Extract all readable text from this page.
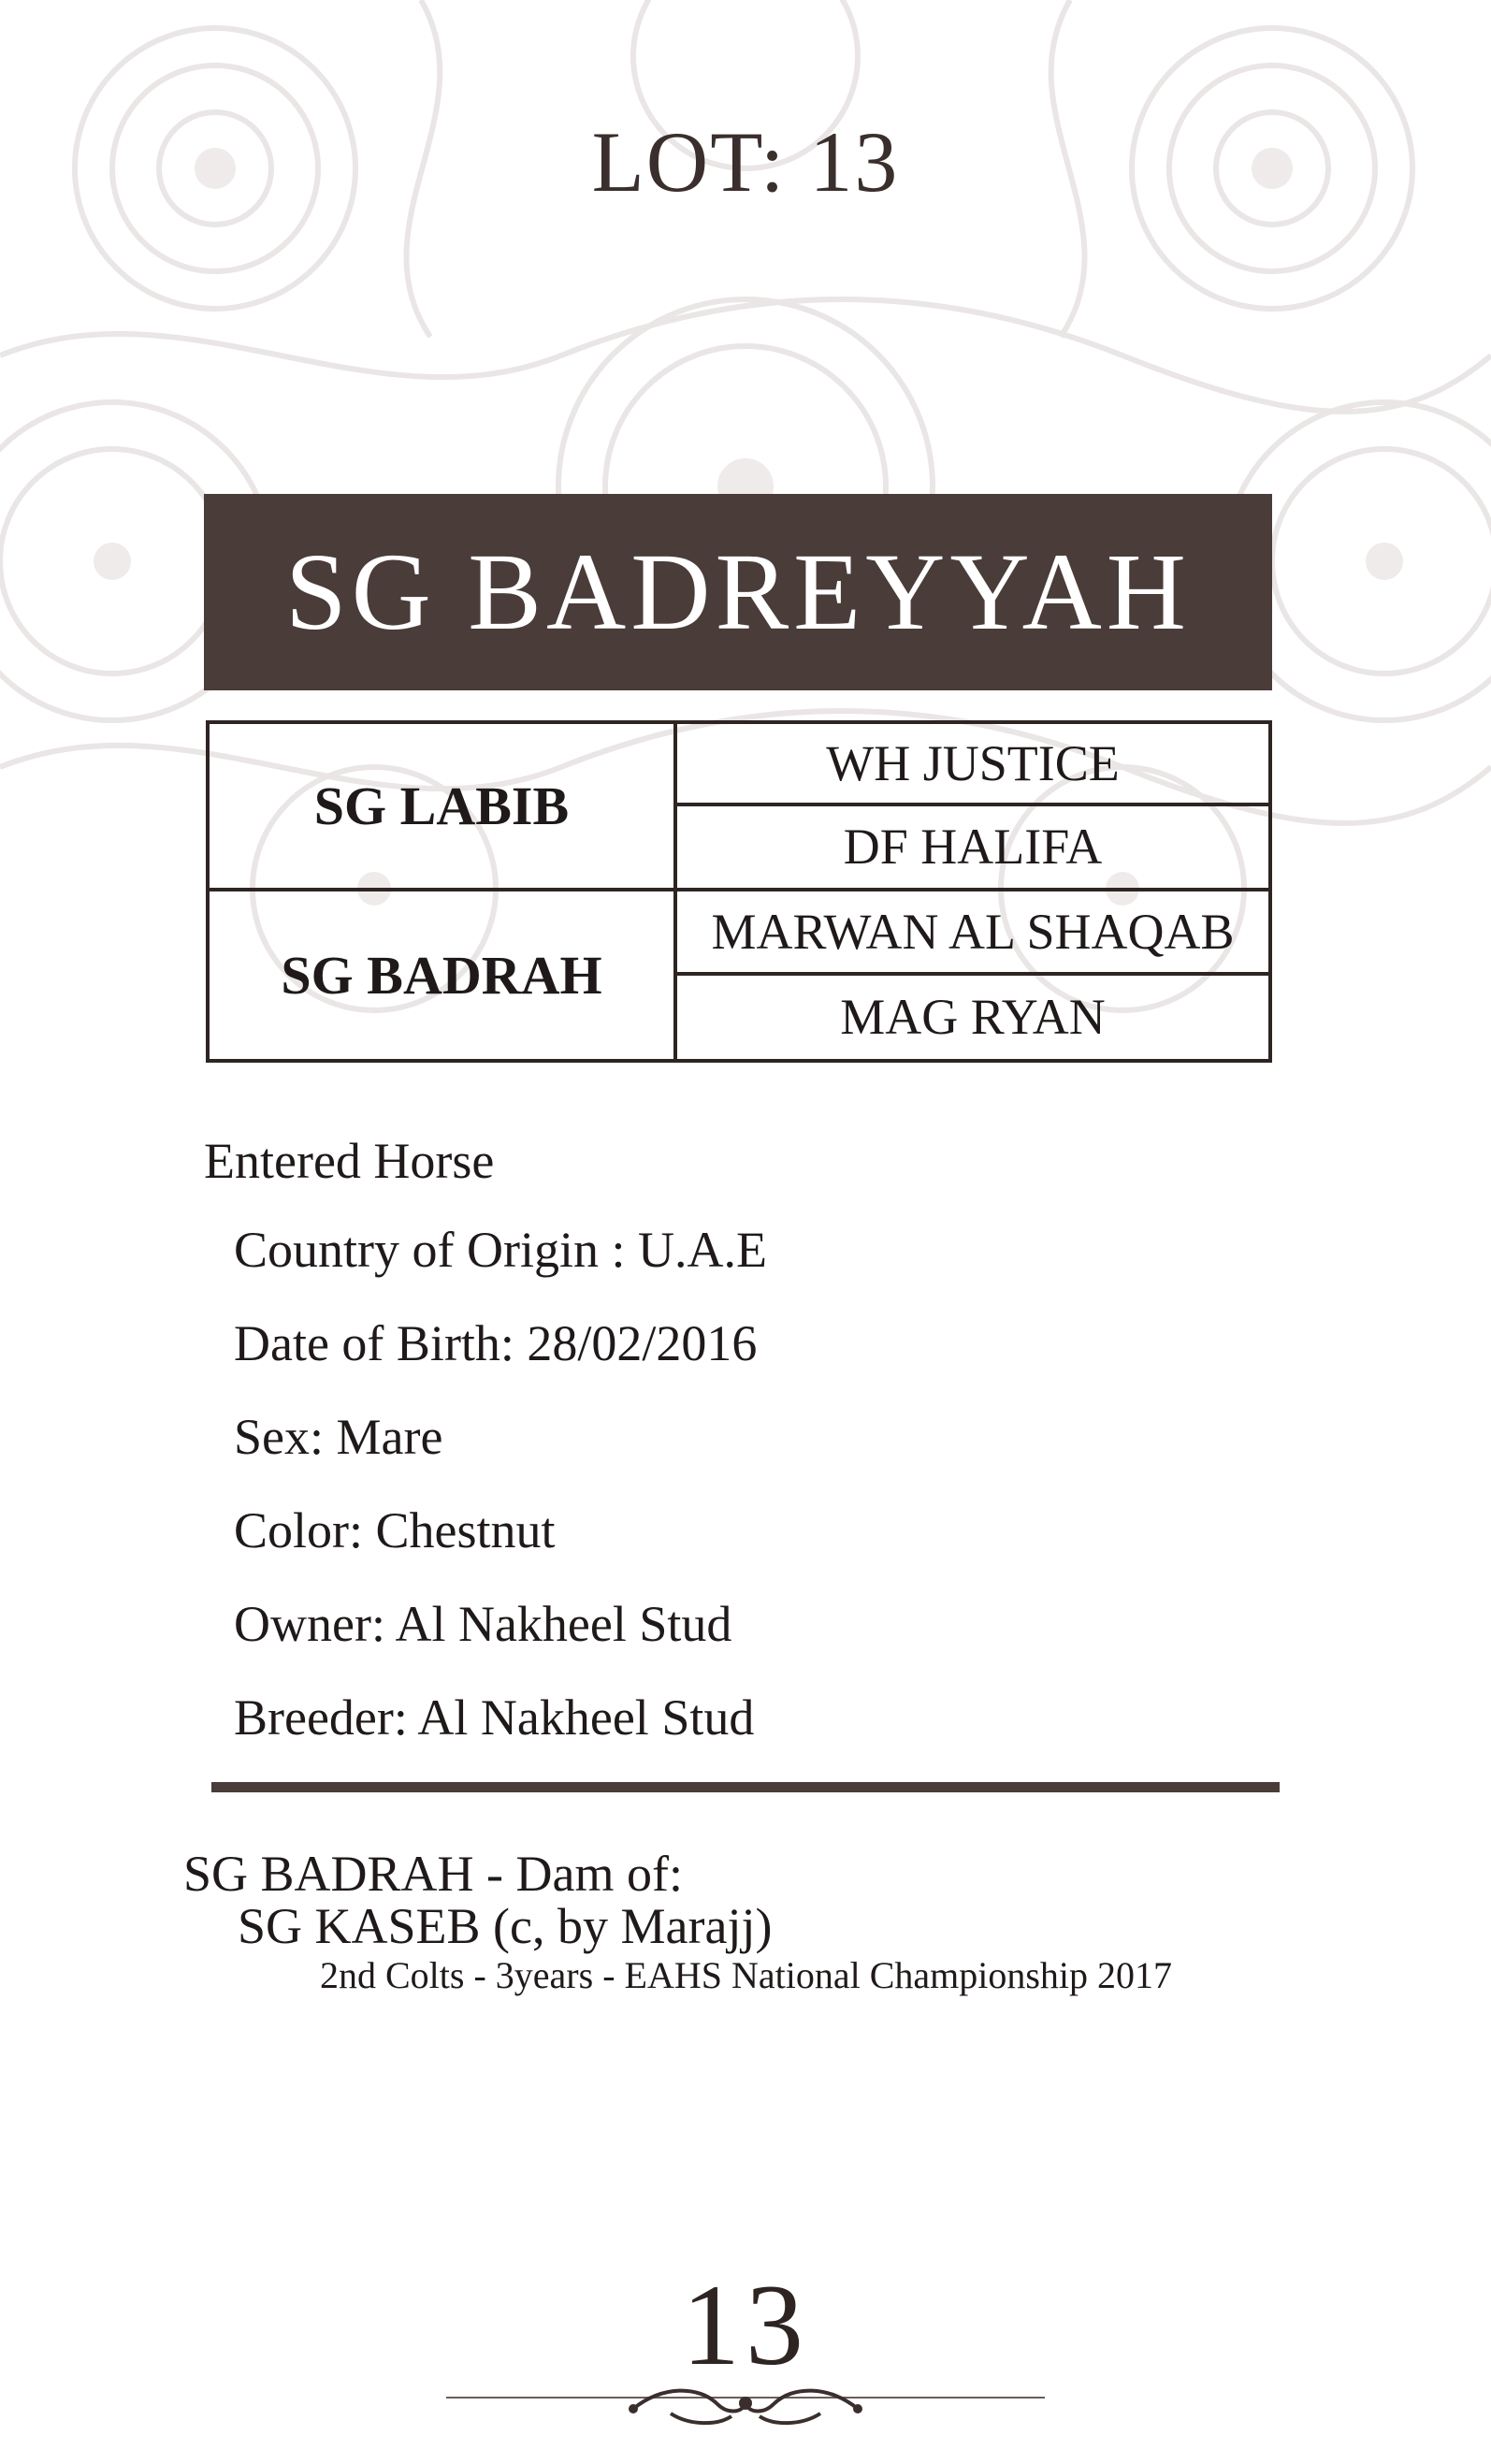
LOT: 13
SG BADREYYAH
SG LABIB
WH JUSTICE
DF HALIFA
SG BADRAH
MARWAN AL SHAQAB
MAG RYAN
Entered Horse
Country of Origin : U.A.E
Date of Birth: 28/02/2016
Sex: Mare
Color: Chestnut
Owner: Al Nakheel Stud
Breeder: Al Nakheel Stud
SG BADRAH - Dam of:
SG KASEB (c, by Marajj)
2nd Colts - 3years - EAHS National Championship 2017
13
